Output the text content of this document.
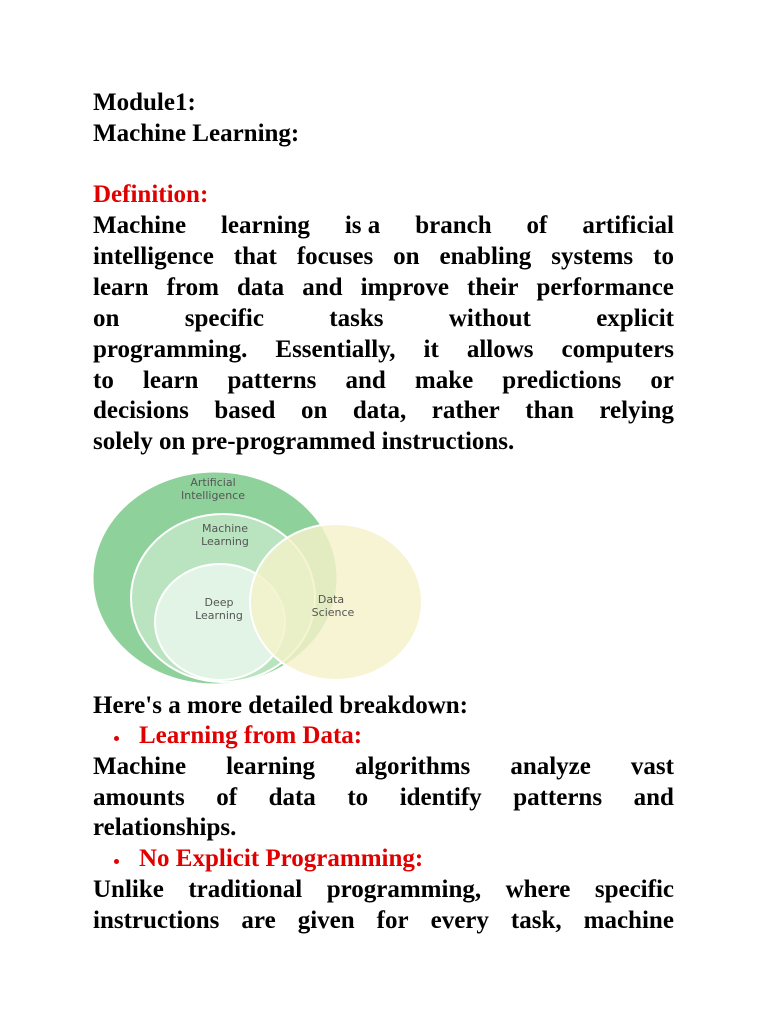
Module1:
Machine Learning:
Definition:
Machine learning is a branch of artificial
intelligence that focuses on enabling systems to
learn from data and improve their performance
on	specific	tasks	without	explicit
programming. Essentially, it allows computers
to learn patterns and make predictions or
decisions based on data, rather than relying
solely on pre-programmed instructions.
Artificial
Intelligence
Machine
Learning
Deep
Learning
Data
Science
Here's a more detailed breakdown:
Learning from Data:
Machine learning algorithms analyze vast
amounts of data to identify patterns and
relationships.
No Explicit Programming:
Unlike traditional programming, where specific
instructions are given for every task, machine
